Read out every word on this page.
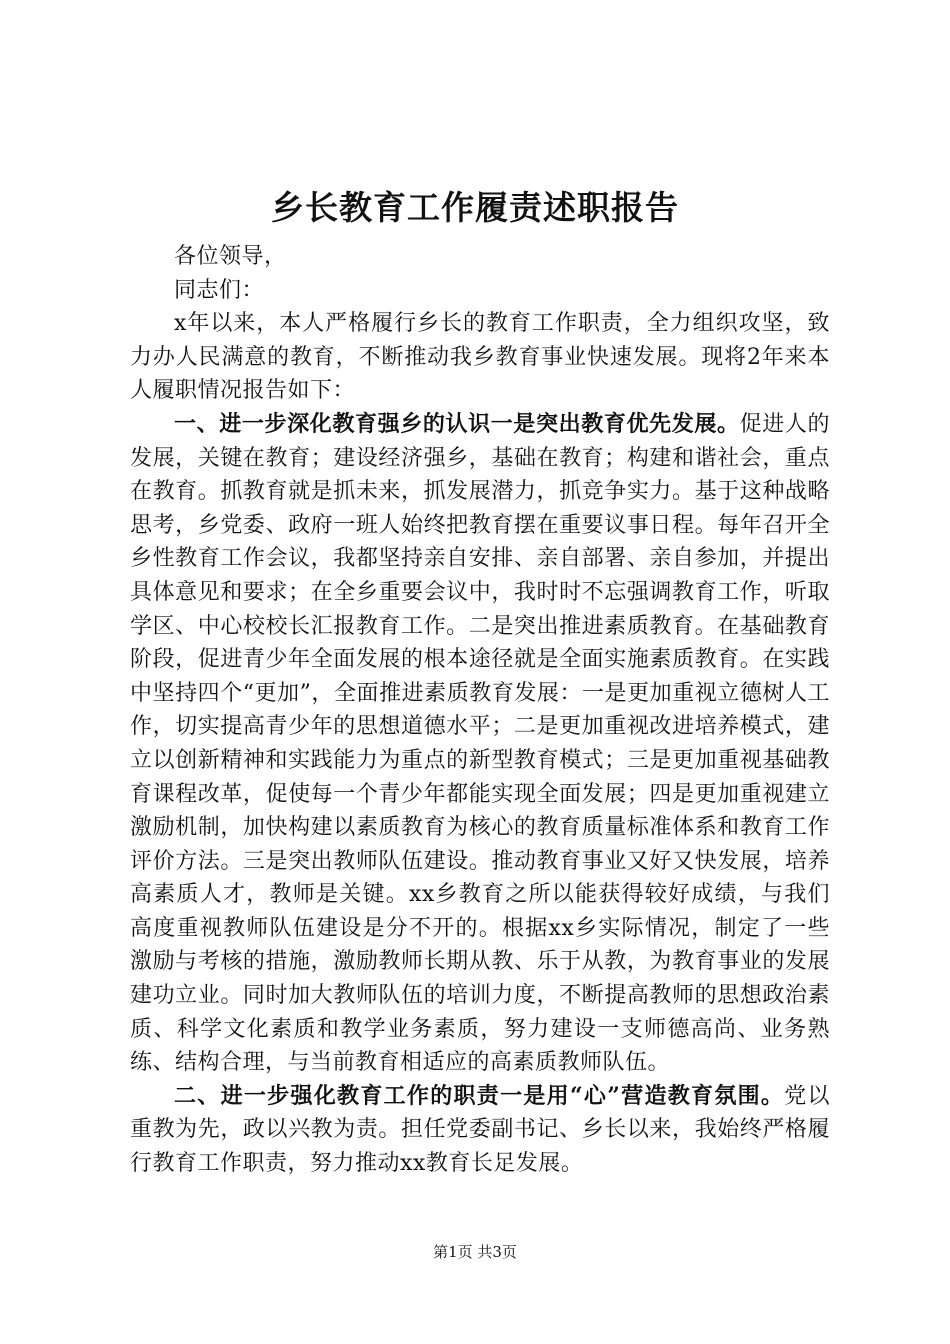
乡长教育工作履责述职报告

各位领导，

同志们：

x年以来，本人严格履行乡长的教育工作职责，全力组织攻坚，致力办人民满意的教育，不断推动我乡教育事业快速发展。现将2年来本人履职情况报告如下：

一、进一步深化教育强乡的认识一是突出教育优先发展。促进人的发展，关键在教育；建设经济强乡，基础在教育；构建和谐社会，重点在教育。抓教育就是抓未来，抓发展潜力，抓竞争实力。基于这种战略思考，乡党委、政府一班人始终把教育摆在重要议事日程。每年召开全乡性教育工作会议，我都坚持亲自安排、亲自部署、亲自参加，并提出具体意见和要求；在全乡重要会议中，我时时不忘强调教育工作，听取学区、中心校校长汇报教育工作。二是突出推进素质教育。在基础教育阶段，促进青少年全面发展的根本途径就是全面实施素质教育。在实践中坚持四个“更加”，全面推进素质教育发展：一是更加重视立德树人工作，切实提高青少年的思想道德水平；二是更加重视改进培养模式，建立以创新精神和实践能力为重点的新型教育模式；三是更加重视基础教育课程改革，促使每一个青少年都能实现全面发展；四是更加重视建立激励机制，加快构建以素质教育为核心的教育质量标准体系和教育工作评价方法。三是突出教师队伍建设。推动教育事业又好又快发展，培养高素质人才，教师是关键。xx乡教育之所以能获得较好成绩，与我们高度重视教师队伍建设是分不开的。根据xx乡实际情况，制定了一些激励与考核的措施，激励教师长期从教、乐于从教，为教育事业的发展建功立业。同时加大教师队伍的培训力度，不断提高教师的思想政治素质、科学文化素质和教学业务素质，努力建设一支师德高尚、业务熟练、结构合理，与当前教育相适应的高素质教师队伍。

二、进一步强化教育工作的职责一是用“心”营造教育氛围。党以重教为先，政以兴教为责。担任党委副书记、乡长以来，我始终严格履行教育工作职责，努力推动xx教育长足发展。

第1页 共3页
